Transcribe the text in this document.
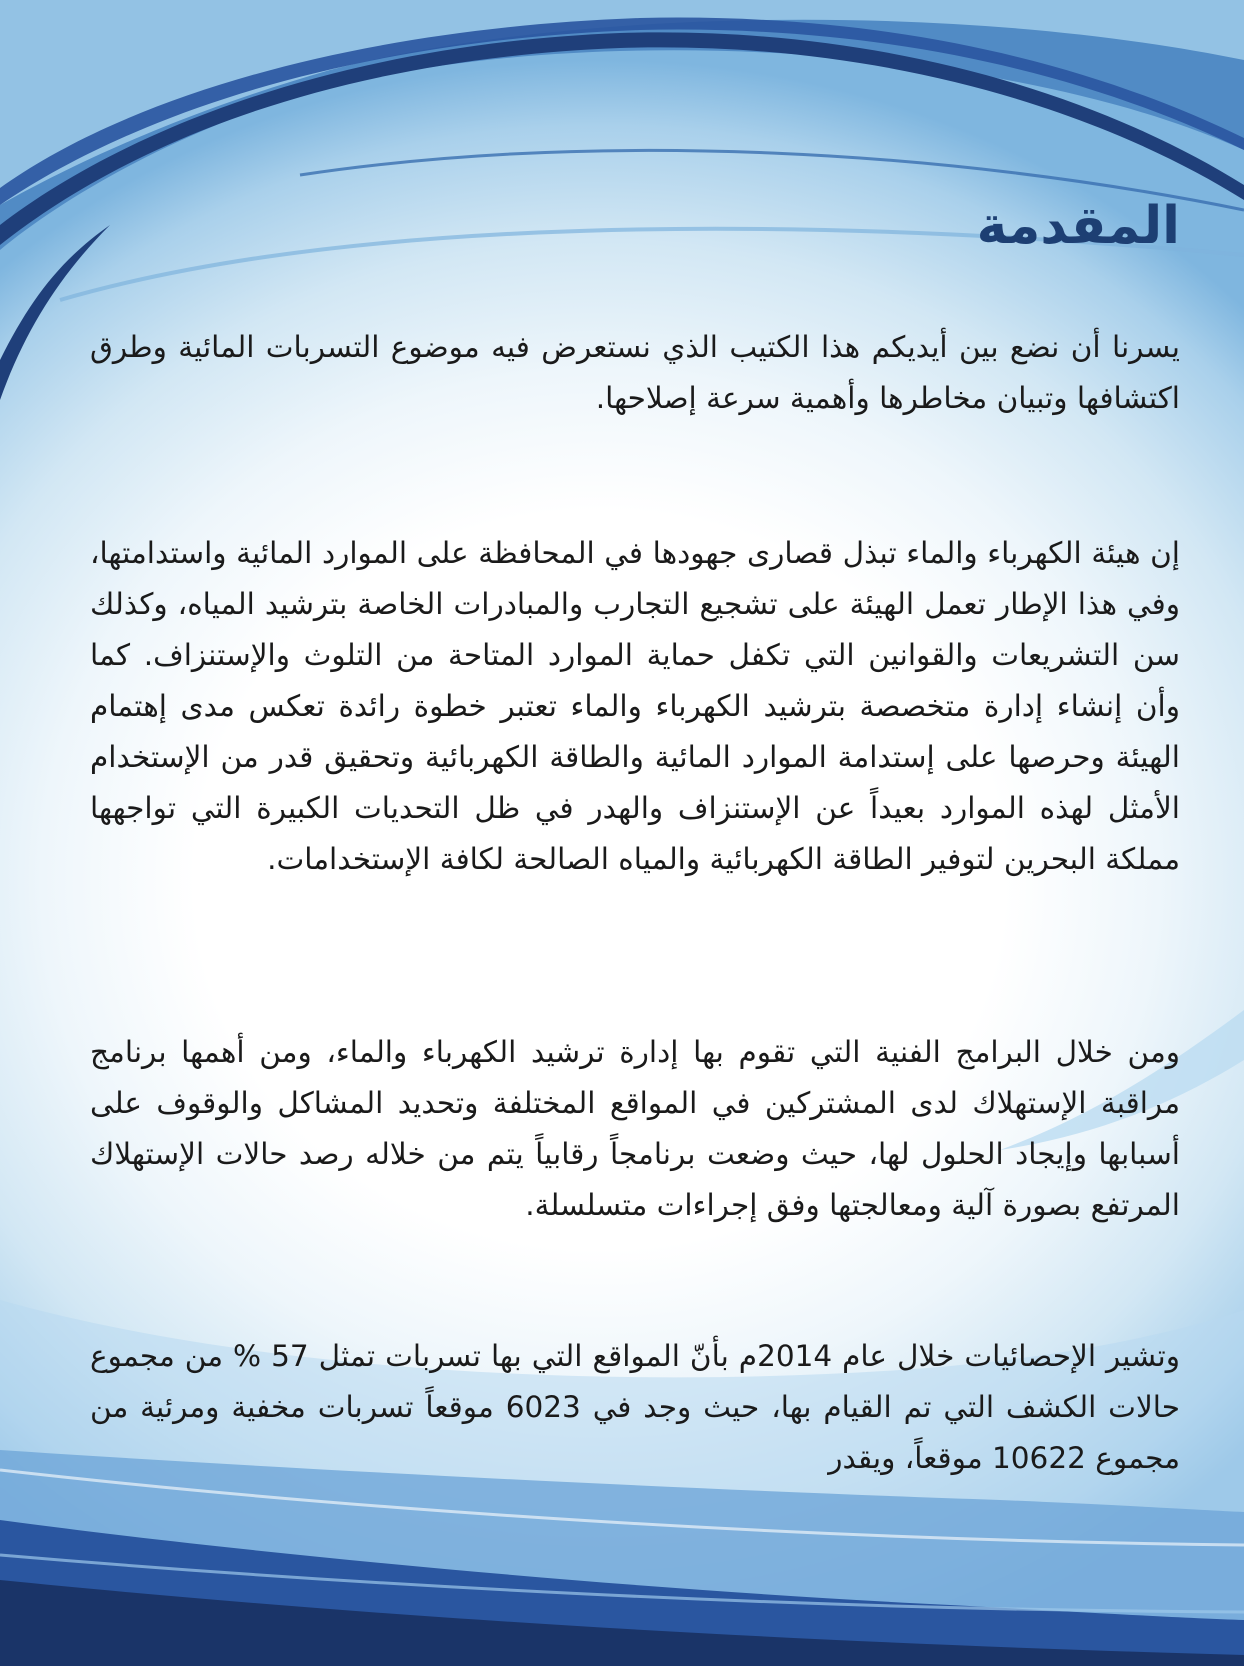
المقدمة

يسرنا أن نضع بين أيديكم هذا الكتيب الذي نستعرض فيه موضوع التسربات المائية وطرق اكتشافها وتبيان مخاطرها وأهمية سرعة إصلاحها.

إن هيئة الكهرباء والماء تبذل قصارى جهودها في المحافظة على الموارد المائية واستدامتها، وفي هذا الإطار تعمل الهيئة على تشجيع التجارب والمبادرات الخاصة بترشيد المياه، وكذلك سن التشريعات والقوانين التي تكفل حماية الموارد المتاحة من التلوث والإستنزاف. كما وأن إنشاء إدارة متخصصة بترشيد الكهرباء والماء تعتبر خطوة رائدة تعكس مدى إهتمام الهيئة وحرصها على إستدامة الموارد المائية والطاقة الكهربائية وتحقيق قدر من الإستخدام الأمثل لهذه الموارد بعيداً عن الإستنزاف والهدر في ظل التحديات الكبيرة التي تواجهها مملكة البحرين لتوفير الطاقة الكهربائية والمياه الصالحة لكافة الإستخدامات.

ومن خلال البرامج الفنية التي تقوم بها إدارة ترشيد الكهرباء والماء، ومن أهمها برنامج مراقبة الإستهلاك لدى المشتركين في المواقع المختلفة وتحديد المشاكل والوقوف على أسبابها وإيجاد الحلول لها، حيث وضعت برنامجاً رقابياً يتم من خلاله رصد حالات الإستهلاك المرتفع بصورة آلية ومعالجتها وفق إجراءات متسلسلة.

وتشير الإحصائيات خلال عام 2014م بأنّ المواقع التي بها تسربات تمثل 57 % من مجموع حالات الكشف التي تم القيام بها، حيث وجد في 6023 موقعاً تسربات مخفية ومرئية من مجموع 10622 موقعاً، ويقدر
